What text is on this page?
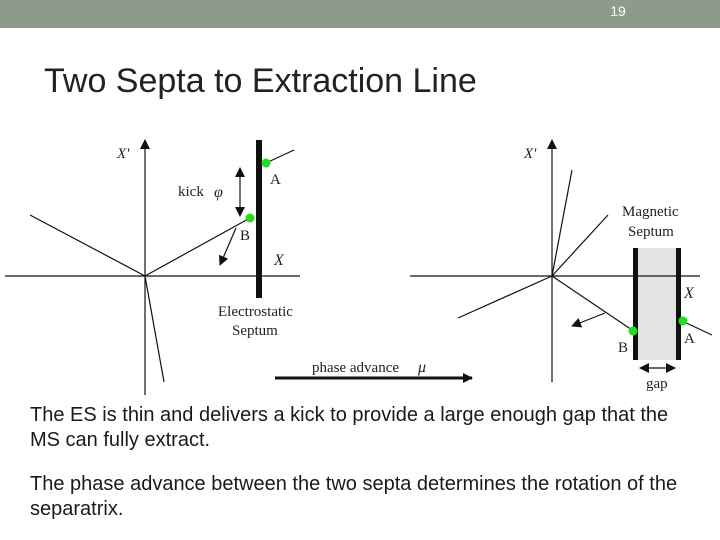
19
Two Septa to Extraction Line
X'
X
A
B
kick φ
Electrostatic
Septum
phase advance μ
X'
X
Magnetic
Septum
B
A
gap
The ES is thin and delivers a kick to provide a large enough gap that the MS can fully extract.
The phase advance between the two septa determines the rotation of the separatrix.
